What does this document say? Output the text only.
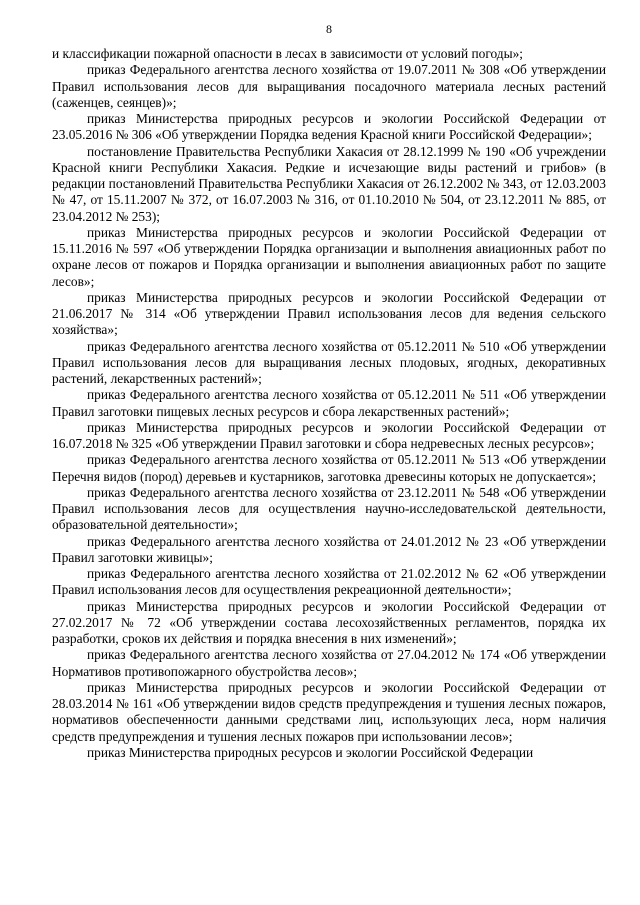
8

и классификации пожарной опасности в лесах в зависимости от условий погоды»;

приказ Федерального агентства лесного хозяйства от 19.07.2011 № 308 «Об утверждении Правил использования лесов для выращивания посадочного материала лесных растений (саженцев, сеянцев)»;

приказ Министерства природных ресурсов и экологии Российской Федерации от 23.05.2016 № 306 «Об утверждении Порядка ведения Красной книги Российской Федерации»;

постановление Правительства Республики Хакасия от 28.12.1999 № 190 «Об учреждении Красной книги Республики Хакасия. Редкие и исчезающие виды растений и грибов» (в редакции постановлений Правительства Республики Хакасия от 26.12.2002 № 343, от 12.03.2003 № 47, от 15.11.2007 № 372, от 16.07.2003 № 316, от 01.10.2010 № 504, от 23.12.2011 № 885, от 23.04.2012 № 253);

приказ Министерства природных ресурсов и экологии Российской Федерации от 15.11.2016 № 597 «Об утверждении Порядка организации и выполнения авиационных работ по охране лесов от пожаров и Порядка организации и выполнения авиационных работ по защите лесов»;

приказ Министерства природных ресурсов и экологии Российской Федерации от 21.06.2017 № 314 «Об утверждении Правил использования лесов для ведения сельского хозяйства»;

приказ Федерального агентства лесного хозяйства от 05.12.2011 № 510 «Об утверждении Правил использования лесов для выращивания лесных плодовых, ягодных, декоративных растений, лекарственных растений»;

приказ Федерального агентства лесного хозяйства от 05.12.2011 № 511 «Об утверждении Правил заготовки пищевых лесных ресурсов и сбора лекарственных растений»;

приказ Министерства природных ресурсов и экологии Российской Федерации от 16.07.2018 № 325 «Об утверждении Правил заготовки и сбора недревесных лесных ресурсов»;

приказ Федерального агентства лесного хозяйства от 05.12.2011 № 513 «Об утверждении Перечня видов (пород) деревьев и кустарников, заготовка древесины которых не допускается»;

приказ Федерального агентства лесного хозяйства от 23.12.2011 № 548 «Об утверждении Правил использования лесов для осуществления научно-исследовательской деятельности, образовательной деятельности»;

приказ Федерального агентства лесного хозяйства от 24.01.2012 № 23 «Об утверждении Правил заготовки живицы»;

приказ Федерального агентства лесного хозяйства от 21.02.2012 № 62 «Об утверждении Правил использования лесов для осуществления рекреационной деятельности»;

приказ Министерства природных ресурсов и экологии Российской Федерации от 27.02.2017 № 72 «Об утверждении состава лесохозяйственных регламентов, порядка их разработки, сроков их действия и порядка внесения в них изменений»;

приказ Федерального агентства лесного хозяйства от 27.04.2012 № 174 «Об утверждении Нормативов противопожарного обустройства лесов»;

приказ Министерства природных ресурсов и экологии Российской Федерации от 28.03.2014 № 161 «Об утверждении видов средств предупреждения и тушения лесных пожаров, нормативов обеспеченности данными средствами лиц, использующих леса, норм наличия средств предупреждения и тушения лесных пожаров при использовании лесов»;

приказ Министерства природных ресурсов и экологии Российской Федерации
